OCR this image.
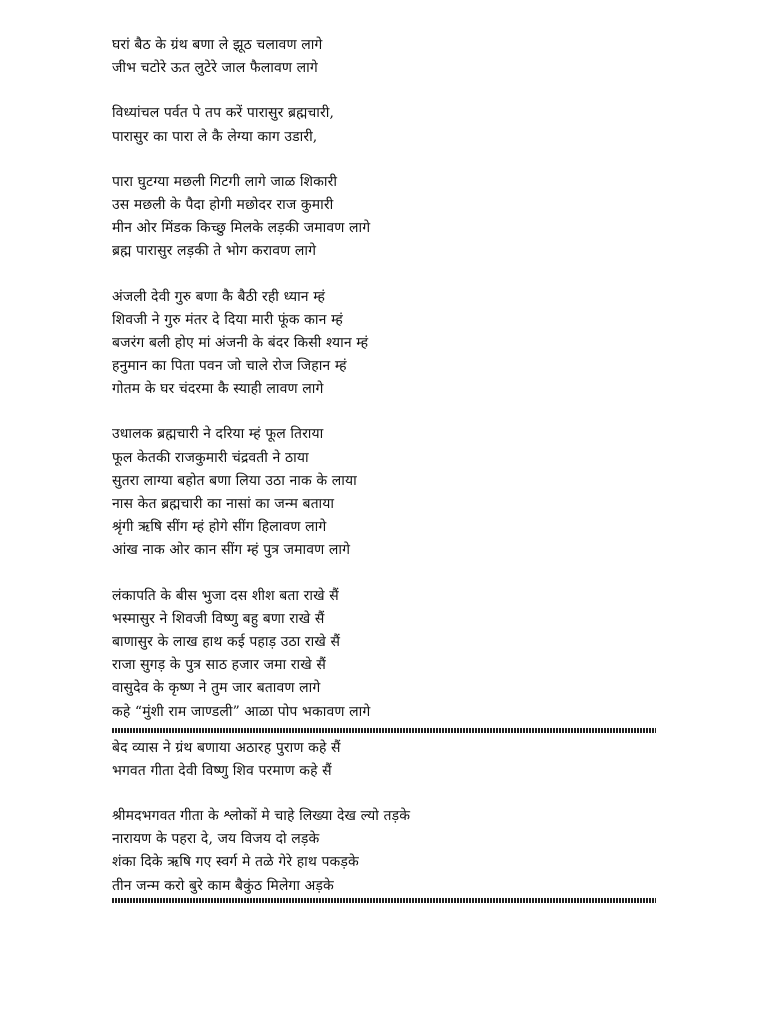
घरां बैठ के ग्रंथ बणा ले झूठ चलावण लागे
जीभ चटोरे ऊत लुटेरे जाल फैलावण लागे
विध्यांचल पर्वत पे तप करें पारासुर ब्रह्मचारी,
पारासुर का पारा ले कै लेग्या काग उडारी,
पारा घुटग्या मछली गिटगी लागे जाळ शिकारी
उस मछली के पैदा होगी मछोदर राज कुमारी
मीन ओर मिंडक किच्छु मिलके लड़की जमावण लागे
ब्रह्म पारासुर लड़की ते भोग करावण लागे
अंजली देवी गुरु बणा कै बैठी रही ध्यान म्हं
शिवजी ने गुरु मंतर दे दिया मारी फूंक कान म्हं
बजरंग बली होए मां अंजनी के बंदर किसी श्यान म्हं
हनुमान का पिता पवन जो चाले रोज जिहान म्हं
गोतम के घर चंदरमा कै स्याही लावण लागे
उधालक ब्रह्मचारी ने दरिया म्हं फूल तिराया
फूल केतकी राजकुमारी चंद्रवती ने ठाया
सुतरा लाग्या बहोत बणा लिया उठा नाक के लाया
नास केत ब्रह्मचारी का नासां का जन्म बताया
श्रृंगी ऋषि सींग म्हं होगे सींग हिलावण लागे
आंख नाक ओर कान सींग म्हं पुत्र जमावण लागे
लंकापति के बीस भुजा दस शीश बता राखे सैं
भस्मासुर ने शिवजी विष्णु बहु बणा राखे सैं
बाणासुर के लाख हाथ कई पहाड़ उठा राखे सैं
राजा सुगड़ के पुत्र साठ हजार जमा राखे सैं
वासुदेव के कृष्ण ने तुम जार बतावण लागे
कहे “मुंशी राम जाण्डली” आळा पोप भकावण लागे
बेद व्यास ने ग्रंथ बणाया अठारह पुराण कहे सैं
भगवत गीता देवी विष्णु शिव परमाण कहे सैं
श्रीमदभगवत गीता के श्लोकों मे चाहे लिख्या देख ल्यो तड़के
नारायण के पहरा दे, जय विजय दो लड़के
शंका दिके ऋषि गए स्वर्ग मे तळे गेरे हाथ पकड़के
तीन जन्म करो बुरे काम बैकुंठ मिलेगा अड़के
